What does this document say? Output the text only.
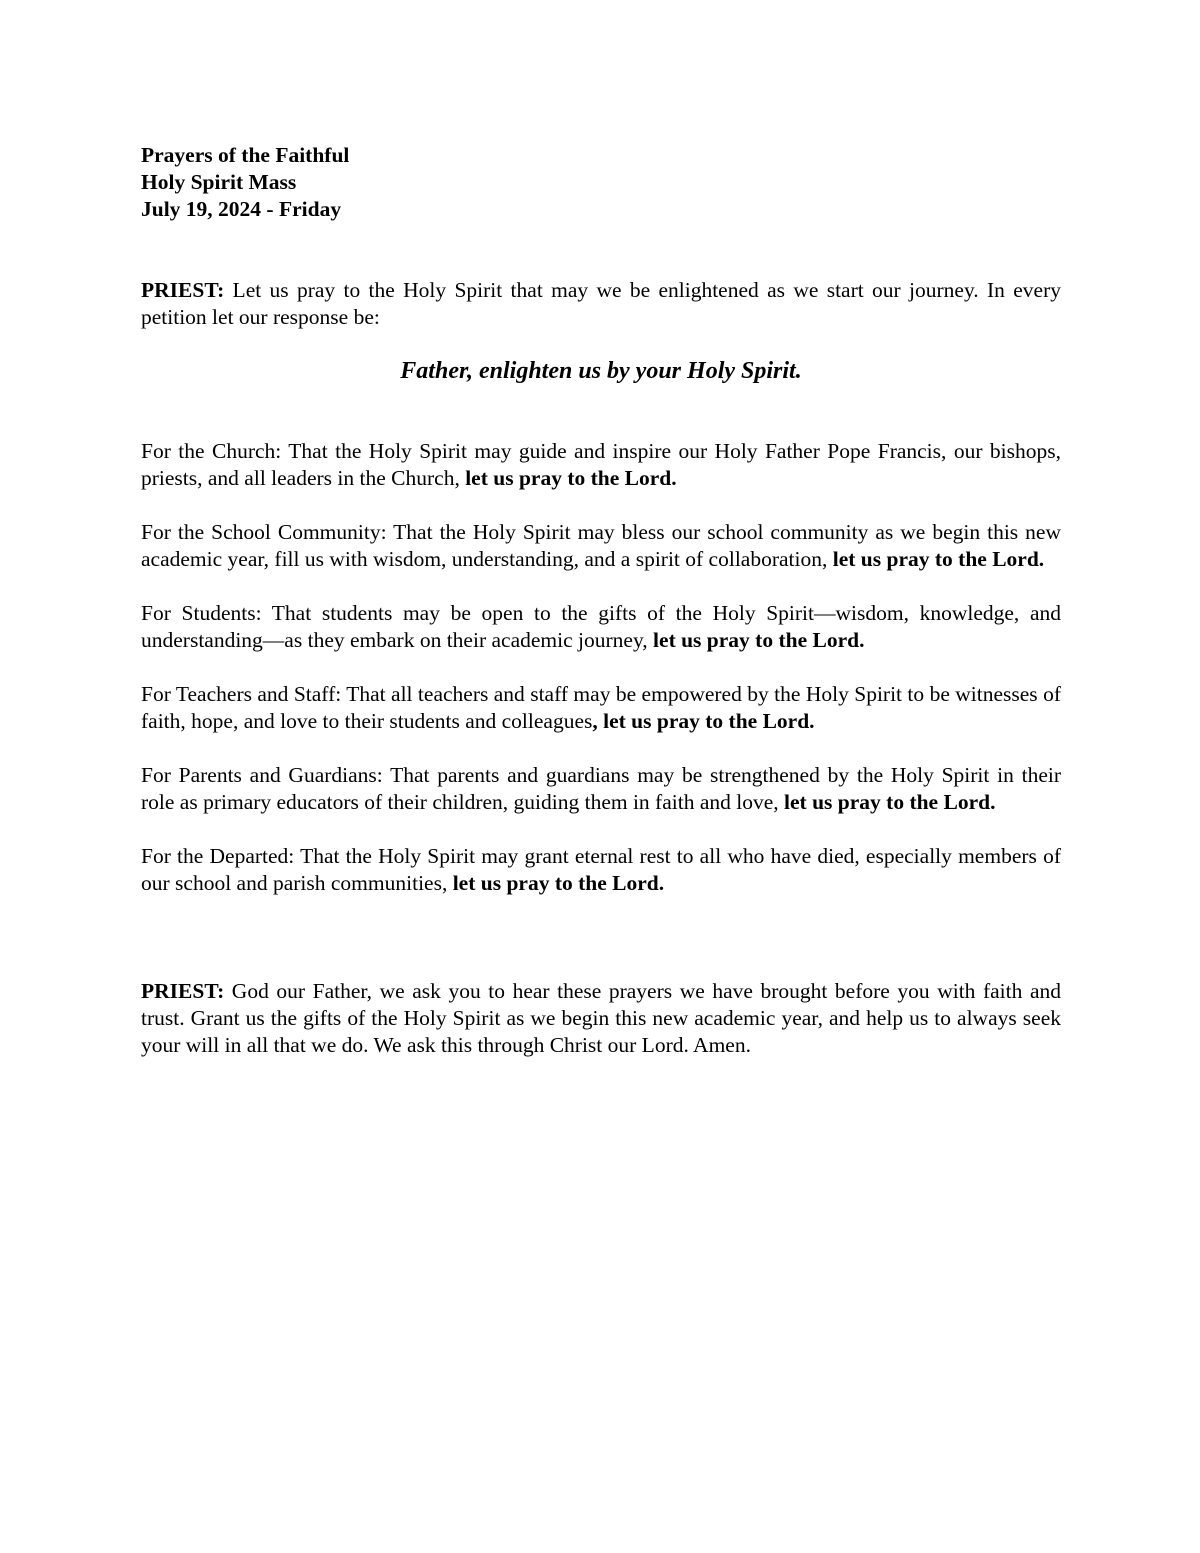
Prayers of the Faithful
Holy Spirit Mass
July 19, 2024 - Friday

PRIEST: Let us pray to the Holy Spirit that may we be enlightened as we start our journey. In every petition let our response be:

Father, enlighten us by your Holy Spirit.

For the Church: That the Holy Spirit may guide and inspire our Holy Father Pope Francis, our bishops, priests, and all leaders in the Church, let us pray to the Lord.

For the School Community: That the Holy Spirit may bless our school community as we begin this new academic year, fill us with wisdom, understanding, and a spirit of collaboration, let us pray to the Lord.

For Students: That students may be open to the gifts of the Holy Spirit—wisdom, knowledge, and understanding—as they embark on their academic journey, let us pray to the Lord.

For Teachers and Staff: That all teachers and staff may be empowered by the Holy Spirit to be witnesses of faith, hope, and love to their students and colleagues, let us pray to the Lord.

For Parents and Guardians: That parents and guardians may be strengthened by the Holy Spirit in their role as primary educators of their children, guiding them in faith and love, let us pray to the Lord.

For the Departed: That the Holy Spirit may grant eternal rest to all who have died, especially members of our school and parish communities, let us pray to the Lord.

PRIEST: God our Father, we ask you to hear these prayers we have brought before you with faith and trust. Grant us the gifts of the Holy Spirit as we begin this new academic year, and help us to always seek your will in all that we do. We ask this through Christ our Lord. Amen.
